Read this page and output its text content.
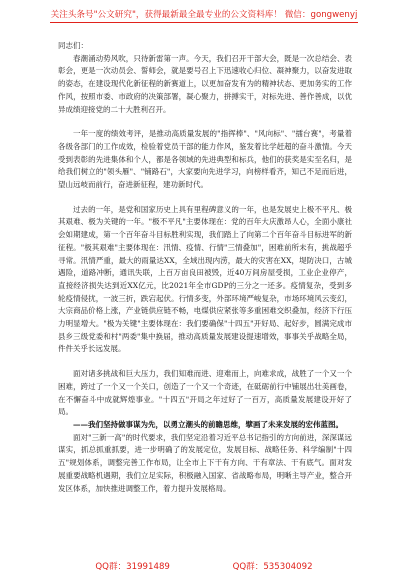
关注头条号"公文研究"，获得最新最全最专业的公文资料库！ 微信：gongwenyj

同志们：

春潮涌动势风吹，只待新雷第一声。今天，我们召开干部大会，既是一次总结会、表彰会，更是一次动员会、誓师会，就是要号召上下迅速收心归位、凝神聚力，以奋发进取的姿态，在建设现代化新征程的新赛道上，以更加奋发有为的精神状态、更加务实的工作作风，按照市委、市政府的决策部署，凝心聚力，拼搏实干，对标先进、善作善成，以优异成绩迎接党的二十大胜利召开。

一年一度的绩效考评，是推动高质量发展的"指挥棒"、"风向标"、"擂台赛"，考量着各级各部门的工作成效，检验着党员干部的能力作风，鉴发着比学赶超的奋斗激情。今天受到表彰的先进集体和个人，都是各领域的先进典型和标兵，他们的获奖是实至名归，是给我们树立的"领头雁"、"铺路石"，大家要向先进学习，向榜样看齐，知己不足而后进，望山远岐而前行，奋进新征程，建功新时代。

过去的一年，是党和国家历史上具有里程碑意义的一年，也是发展史上极不平凡、极其艰难、极为关键的一年。"极不平凡"主要体现在：党的百年大庆激昂人心，全面小康社会如期建成，第一个百年奋斗目标胜利实现，我们踏上了向第二个百年奋斗目标进军的新征程。"极其艰难"主要体现在：汛情、疫情、行情"三情叠加"，困难前所未有，挑战超乎寻常。汛情严重，最大的雨量达XX，全域出现内涝，最大的灾害在XX，堤防决口，古城遇险，道路冲断，通讯失联，上百万亩良田被毁，近40万间房屋受损，工业企业停产，直接经济损失达到近XX亿元，比2021年全市GDP的三分之一还多。疫情复杂，受到多轮疫情侵扰，一波三折，跌宕起伏。行情多变，外部环境严峻复杂，市场环境风云变幻，大宗商品价格上涨，产业链供应链不畅，电煤供应紧张等多重困难交织叠加，经济下行压力明显增大。"极为关键"主要体现在：我们要确保"十四五"开好局、起好步，圆满完成市县乡三级党委和村"两委"集中换届，推动高质量发展建设提速增效，事事关乎战略全局，件件关乎长远发展。

面对诸多挑战和巨大压力，我们知难而进、迎难而上，向难求成，战胜了一个又一个困难，跨过了一个又一个关口，创造了一个又一个奇迹，在砥砺前行中铺展出壮美画卷，在不懈奋斗中成就辉煌事业。"十四五"开局之年过好了一百万，高质量发展建设开好了局。

——我们坚持做事谋为先，以勇立潮头的前瞻思维，擘画了未来发展的宏伟蓝图。

面对"三新一高"的时代要求，我们坚定沿着习近平总书记指引的方向前进，深深谋远谋实，抓总抓重抓要，进一步明确了的发展定位，发展目标、战略任务、科学编制"十四五"规划体系，调整完善工作布局，让全市上下干有方向、干有章法、干有底气。面对发展重要战略机遇期，我们立足实际，积极融入国家、省战略布局，明晰主导产业，整合开发区体系，加快推进调整工作，着力提升发展格局。

QQ群：31991489	QQ群：535304092
